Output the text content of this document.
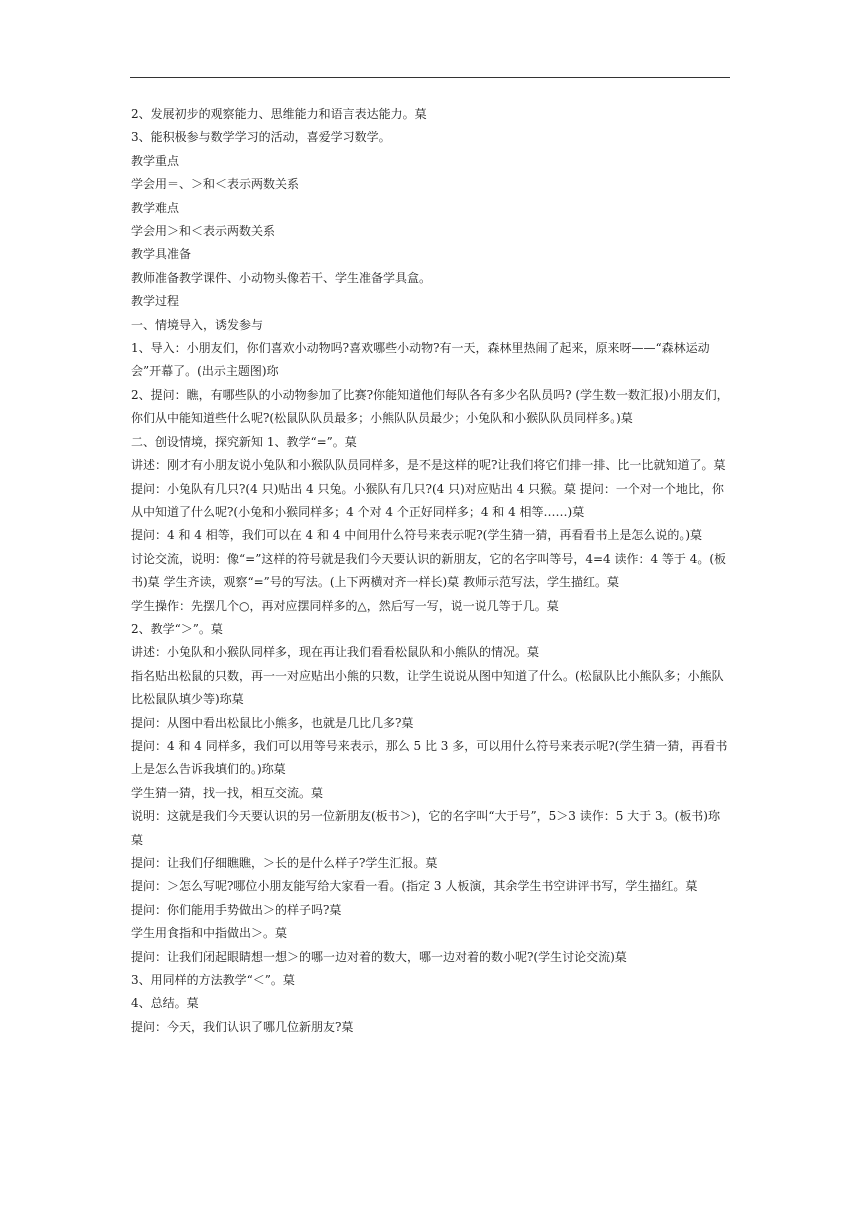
2、发展初步的观察能力、思维能力和语言表达能力。菒

3、能积极参与数学学习的活动，喜爱学习数学。

教学重点

学会用＝、＞和＜表示两数关系

教学难点

学会用＞和＜表示两数关系

教学具准备

教师准备教学课件、小动物头像若干、学生准备学具盒。

教学过程

一、情境导入，诱发参与

1、导入：小朋友们，你们喜欢小动物吗?喜欢哪些小动物?有一天，森林里热闹了起来，原来呀——“森林运动会”开幕了。(出示主题图)珎

2、提问：瞧，有哪些队的小动物参加了比赛?你能知道他们每队各有多少名队员吗? (学生数一数汇报)小朋友们，你们从中能知道些什么呢?(松鼠队队员最多；小熊队队员最少；小兔队和小猴队队员同样多。)菒

二、创设情境，探究新知 1、教学“=”。菒

讲述：刚才有小朋友说小兔队和小猴队队员同样多，是不是这样的呢?让我们将它们排一排、比一比就知道了。菒

提问：小兔队有几只?(4 只)贴出 4 只兔。小猴队有几只?(4 只)对应贴出 4 只猴。菒 提问：一个对一个地比，你从中知道了什么呢?(小兔和小猴同样多；4 个对 4 个正好同样多；4 和 4 相等……)菒

提问：4 和 4 相等，我们可以在 4 和 4 中间用什么符号来表示呢?(学生猜一猜，再看看书上是怎么说的。)菒

讨论交流，说明：像“=”这样的符号就是我们今天要认识的新朋友，它的名字叫等号，4=4 读作：4 等于 4。(板书)菒 学生齐读，观察“=”号的写法。(上下两横对齐一样长)菒 教师示范写法，学生描红。菒

学生操作：先摆几个○，再对应摆同样多的△，然后写一写，说一说几等于几。菒

2、教学“＞”。菒

讲述：小兔队和小猴队同样多，现在再让我们看看松鼠队和小熊队的情况。菒

指名贴出松鼠的只数，再一一对应贴出小熊的只数，让学生说说从图中知道了什么。(松鼠队比小熊队多；小熊队比松鼠队填少等)珎菒

提问：从图中看出松鼠比小熊多，也就是几比几多?菒

提问：4 和 4 同样多，我们可以用等号来表示，那么 5 比 3 多，可以用什么符号来表示呢?(学生猜一猜，再看书上是怎么告诉我填们的。)珎菒

学生猜一猜，找一找，相互交流。菒

说明：这就是我们今天要认识的另一位新朋友(板书＞)，它的名字叫“大于号”，5＞3 读作：5 大于 3。(板书)珎菒

提问：让我们仔细瞧瞧，＞长的是什么样子?学生汇报。菒

提问：＞怎么写呢?哪位小朋友能写给大家看一看。(指定 3 人板演，其余学生书空讲评书写，学生描红。菒

提问：你们能用手势做出＞的样子吗?菒

学生用食指和中指做出＞。菒

提问：让我们闭起眼睛想一想＞的哪一边对着的数大，哪一边对着的数小呢?(学生讨论交流)菒

3、用同样的方法教学“＜”。菒

4、总结。菒

提问：今天，我们认识了哪几位新朋友?菒
